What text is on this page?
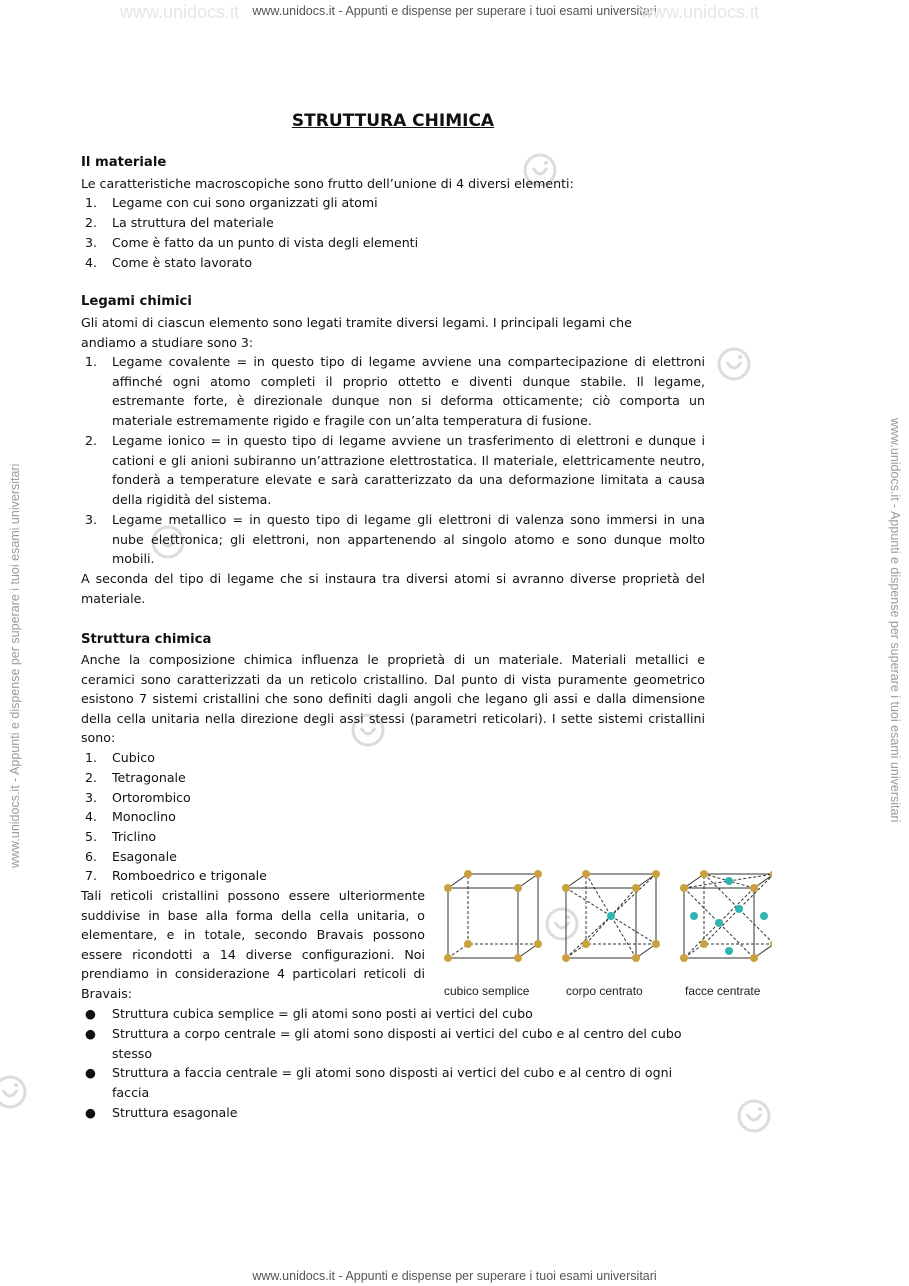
www.unidocs.it - Appunti e dispense per superare i tuoi esami universitari
www.unidocs.it - Appunti e dispense per superare i tuoi esami universitari
www.unidocs.it - Appunti e dispense per superare i tuoi esami universitari	www.unidocs.it - Appunti e dispense per superare i tuoi esami universitari
www.unidocs.it	www.unidocs.it
STRUTTURA CHIMICA
Il materiale
Le caratteristiche macroscopiche sono frutto dell’unione di 4 diversi elementi:
1.	Legame con cui sono organizzati gli atomi
2.	La struttura del materiale
3.	Come è fatto da un punto di vista degli elementi
4.	Come è stato lavorato
Legami chimici
Gli atomi di ciascun elemento sono legati tramite diversi legami. I principali legami che
andiamo a studiare sono 3:
1.	Legame covalente = in questo tipo di legame avviene una compartecipazione di elettroni affinché ogni atomo completi il proprio ottetto e diventi dunque stabile. Il legame, estremante forte, è direzionale dunque non si deforma otticamente; ciò comporta un materiale estremamente rigido e fragile con un’alta temperatura di fusione.
2.	Legame ionico = in questo tipo di legame avviene un trasferimento di elettroni e dunque i cationi e gli anioni subiranno un’attrazione elettrostatica. Il materiale, elettricamente neutro, fonderà a temperature elevate e sarà caratterizzato da una deformazione limitata a causa della rigidità del sistema.
3.	Legame metallico = in questo tipo di legame gli elettroni di valenza sono immersi in una nube elettronica; gli elettroni, non appartenendo al singolo atomo e sono dunque molto mobili.
A seconda del tipo di legame che si instaura tra diversi atomi si avranno diverse proprietà del materiale.
Struttura chimica
Anche la composizione chimica influenza le proprietà di un materiale. Materiali metallici e ceramici sono caratterizzati da un reticolo cristallino. Dal punto di vista puramente geometrico esistono 7 sistemi cristallini che sono definiti dagli angoli che legano gli assi e dalla dimensione della cella unitaria nella direzione degli assi stessi (parametri reticolari). I sette sistemi cristallini sono:
1.	Cubico
2.	Tetragonale
3.	Ortorombico
4.	Monoclino
5.	Triclino
6.	Esagonale
7.	Romboedrico e trigonale
Tali reticoli cristallini possono essere ulteriormente suddivise in base alla forma della cella unitaria, o elementare, e in totale, secondo Bravais possono essere ricondotti a 14 diverse configurazioni. Noi prendiamo in considerazione 4 particolari reticoli di Bravais:
●	Struttura cubica semplice = gli atomi sono posti ai vertici del cubo
●	Struttura a corpo centrale = gli atomi sono disposti ai vertici del cubo e al centro del cubo stesso
●	Struttura a faccia centrale = gli atomi sono disposti ai vertici del cubo e al centro di ogni faccia
●	Struttura esagonale
cubico semplice	corpo centrato	facce centrate
